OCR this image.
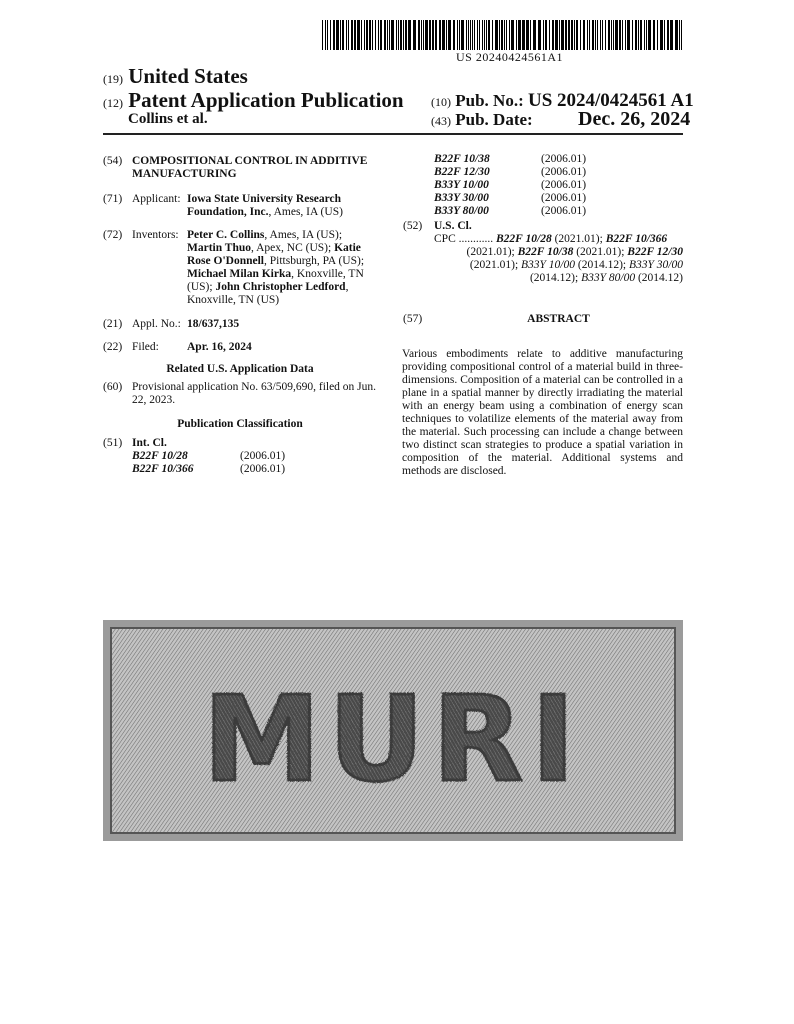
US 20240424561A1
(19) United States
(12) Patent Application Publication
Collins et al.
(10) Pub. No.: US 2024/0424561 A1
(43) Pub. Date: Dec. 26, 2024
(54) COMPOSITIONAL CONTROL IN ADDITIVE
MANUFACTURING
(71) Applicant: Iowa State University Research
Foundation, Inc., Ames, IA (US)
(72) Inventors: Peter C. Collins, Ames, IA (US);
Martin Thuo, Apex, NC (US); Katie
Rose O'Donnell, Pittsburgh, PA (US);
Michael Milan Kirka, Knoxville, TN
(US); John Christopher Ledford,
Knoxville, TN (US)
(21) Appl. No.: 18/637,135
(22) Filed: Apr. 16, 2024
Related U.S. Application Data
(60) Provisional application No. 63/509,690, filed on Jun.
22, 2023.
Publication Classification
(51) Int. Cl.
B22F 10/28	(2006.01)
B22F 10/366	(2006.01)
B22F 10/38	(2006.01)
B22F 12/30	(2006.01)
B33Y 10/00	(2006.01)
B33Y 30/00	(2006.01)
B33Y 80/00	(2006.01)
(52) U.S. Cl.
CPC ............ B22F 10/28 (2021.01); B22F 10/366
(2021.01); B22F 10/38 (2021.01); B22F 12/30
(2021.01); B33Y 10/00 (2014.12); B33Y 30/00
(2014.12); B33Y 80/00 (2014.12)
(57)	ABSTRACT
Various embodiments relate to additive manufacturing providing compositional control of a material build in three-dimensions. Composition of a material can be controlled in a plane in a spatial manner by directly irradiating the material with an energy beam using a combination of energy scan techniques to volatilize elements of the material away from the material. Such processing can include a change between two distinct scan strategies to produce a spatial variation in composition of the material. Additional systems and methods are disclosed.
MURI
